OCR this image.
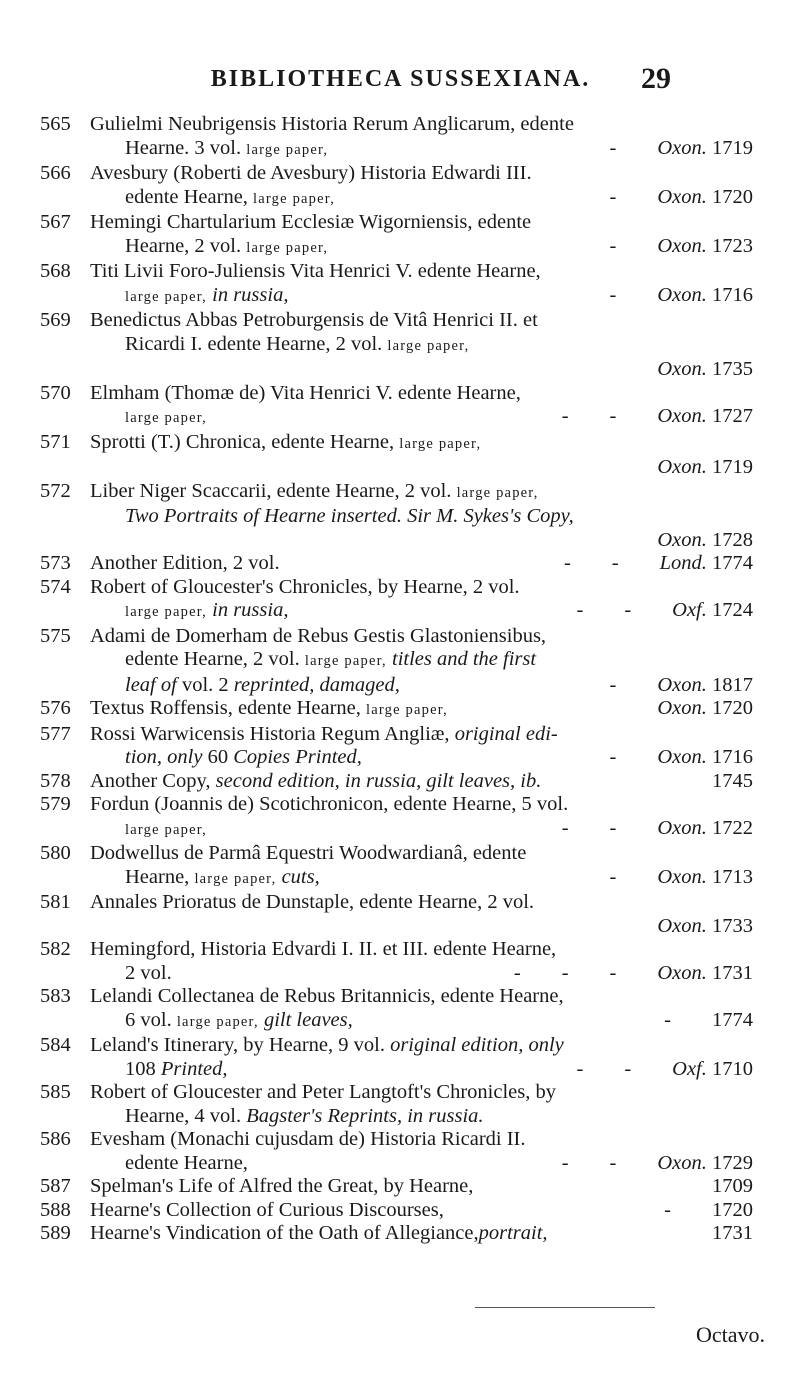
BIBLIOTHECA SUSSEXIANA.	29
565 Gulielmi Neubrigensis Historia Rerum Anglicarum, edente
Hearne. 3 vol. large paper,	-   Oxon. 1719
566 Avesbury (Roberti de Avesbury) Historia Edwardi III.
edente Hearne, large paper,	-   Oxon. 1720
567 Hemingi Chartularium Ecclesiæ Wigorniensis, edente
Hearne, 2 vol. large paper,	-   Oxon. 1723
568 Titi Livii Foro-Juliensis Vita Henrici V. edente Hearne,
large paper, in russia,	-   Oxon. 1716
569 Benedictus Abbas Petroburgensis de Vitâ Henrici II. et
Ricardi I. edente Hearne, 2 vol. large paper,

Oxon. 1735
570 Elmham (Thomæ de) Vita Henrici V. edente Hearne,
large paper,	-   -   Oxon. 1727
571 Sprotti (T.) Chronica, edente Hearne, large paper,

Oxon. 1719
572 Liber Niger Scaccarii, edente Hearne, 2 vol. large paper,
Two Portraits of Hearne inserted. Sir M. Sykes's Copy,

Oxon. 1728
573 Another Edition, 2 vol.	-   -   Lond. 1774
574 Robert of Gloucester's Chronicles, by Hearne, 2 vol.
large paper, in russia,	-   -   Oxf. 1724
575 Adami de Domerham de Rebus Gestis Glastoniensibus,
edente Hearne, 2 vol. large paper, titles and the first
leaf of vol. 2 reprinted, damaged,	-   Oxon. 1817
576 Textus Roffensis, edente Hearne, large paper,	Oxon. 1720
577 Rossi Warwicensis Historia Regum Angliæ, original edi-
tion, only 60 Copies Printed,	-   Oxon. 1716
578 Another Copy, second edition, in russia, gilt leaves, ib.	1745
579 Fordun (Joannis de) Scotichronicon, edente Hearne, 5 vol.
large paper,	-   -   Oxon. 1722
580 Dodwellus de Parmâ Equestri Woodwardianâ, edente
Hearne, large paper, cuts,	-   Oxon. 1713
581 Annales Prioratus de Dunstaple, edente Hearne, 2 vol.

Oxon. 1733
582 Hemingford, Historia Edvardi I. II. et III. edente Hearne,
2 vol.	-   -   -   Oxon. 1731
583 Lelandi Collectanea de Rebus Britannicis, edente Hearne,
6 vol. large paper, gilt leaves,	-   1774
584 Leland's Itinerary, by Hearne, 9 vol. original edition, only
108 Printed,	-   -   Oxf. 1710
585 Robert of Gloucester and Peter Langtoft's Chronicles, by
Hearne, 4 vol. Bagster's Reprints, in russia.
586 Evesham (Monachi cujusdam de) Historia Ricardi II.
edente Hearne,	-   -   Oxon. 1729
587 Spelman's Life of Alfred the Great, by Hearne,	1709
588 Hearne's Collection of Curious Discourses,	-   1720
589 Hearne's Vindication of the Oath of Allegiance,portrait,	1731
Octavo.
